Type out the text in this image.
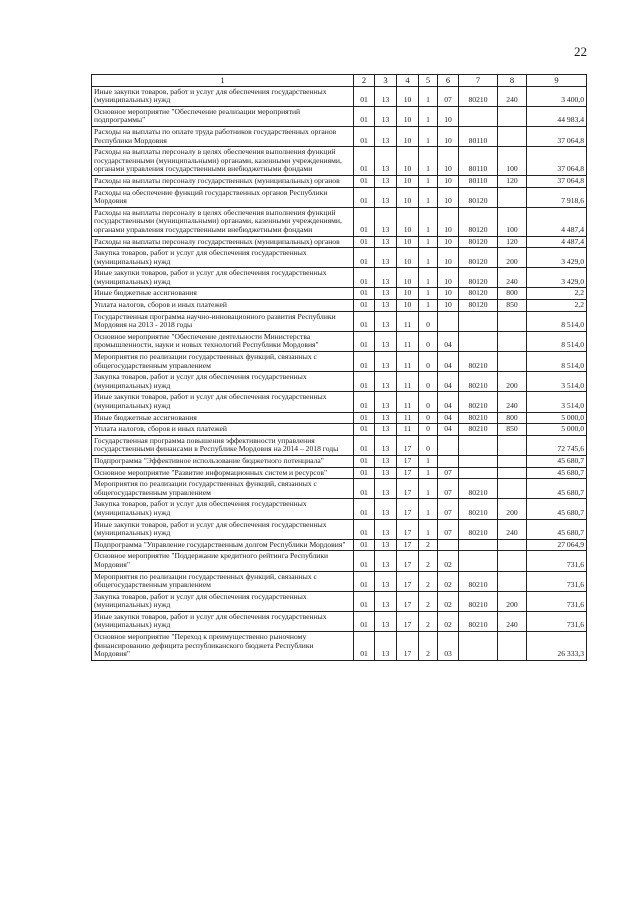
22
1	2	3	4	5	6	7	8	9
Иные закупки товаров, работ и услуг для обеспечения государственных (муниципальных) нужд	01	13	10	1	07	80210	240	3 400,0
Основное мероприятие "Обеспечение реализации мероприятий подпрограммы"	01	13	10	1	10			44 983,4
Расходы на выплаты по оплате труда работников государственных органов Республики Мордовия	01	13	10	1	10	80110		37 064,8
Расходы на выплаты персоналу в целях обеспечения выполнения функций государственными (муниципальными) органами, казенными учреждениями, органами управления государственными внебюджетными фондами	01	13	10	1	10	80110	100	37 064,8
Расходы на выплаты персоналу государственных (муниципальных) органов	01	13	10	1	10	80110	120	37 064,8
Расходы на обеспечение функций государственных органов Республики Мордовия	01	13	10	1	10	80120		7 918,6
Расходы на выплаты персоналу в целях обеспечения выполнения функций государственными (муниципальными) органами, казенными учреждениями, органами управления государственными внебюджетными фондами	01	13	10	1	10	80120	100	4 487,4
Расходы на выплаты персоналу государственных (муниципальных) органов	01	13	10	1	10	80120	120	4 487,4
Закупка товаров, работ и услуг для обеспечения государственных (муниципальных) нужд	01	13	10	1	10	80120	200	3 429,0
Иные закупки товаров, работ и услуг для обеспечения государственных (муниципальных) нужд	01	13	10	1	10	80120	240	3 429,0
Иные бюджетные ассигнования	01	13	10	1	10	80120	800	2,2
Уплата налогов, сборов и иных платежей	01	13	10	1	10	80120	850	2,2
Государственная программа научно-инновационного развития Республики Мордовия на 2013 - 2018 годы	01	13	11	0				8 514,0
Основное мероприятие "Обеспечение деятельности Министерства промышленности, науки и новых технологий Республики Мордовия"	01	13	11	0	04			8 514,0
Мероприятия по реализации государственных функций, связанных с общегосударственным управлением	01	13	11	0	04	80210		8 514,0
Закупка товаров, работ и услуг для обеспечения государственных (муниципальных) нужд	01	13	11	0	04	80210	200	3 514,0
Иные закупки товаров, работ и услуг для обеспечения государственных (муниципальных) нужд	01	13	11	0	04	80210	240	3 514,0
Иные бюджетные ассигнования	01	13	11	0	04	80210	800	5 000,0
Уплата налогов, сборов и иных платежей	01	13	11	0	04	80210	850	5 000,0
Государственная программа повышения эффективности управления государственными финансами в Республике Мордовия на 2014 – 2018 годы	01	13	17	0				72 745,6
Подпрограмма "Эффективное использование бюджетного потенциала"	01	13	17	1				45 680,7
Основное мероприятие "Развитие информационных систем и ресурсов"	01	13	17	1	07			45 680,7
Мероприятия по реализации государственных функций, связанных с общегосударственным управлением	01	13	17	1	07	80210		45 680,7
Закупка товаров, работ и услуг для обеспечения государственных (муниципальных) нужд	01	13	17	1	07	80210	200	45 680,7
Иные закупки товаров, работ и услуг для обеспечения государственных (муниципальных) нужд	01	13	17	1	07	80210	240	45 680,7
Подпрограмма "Управление государственным долгом Республики Мордовия"	01	13	17	2				27 064,9
Основное мероприятие "Поддержание кредитного рейтинга Республики Мордовия"	01	13	17	2	02			731,6
Мероприятия по реализации государственных функций, связанных с общегосударственным управлением	01	13	17	2	02	80210		731,6
Закупка товаров, работ и услуг для обеспечения государственных (муниципальных) нужд	01	13	17	2	02	80210	200	731,6
Иные закупки товаров, работ и услуг для обеспечения государственных (муниципальных) нужд	01	13	17	2	02	80210	240	731,6
Основное мероприятие "Переход к преимущественно рыночному финансированию дефицита республиканского бюджета Республики Мордовия"	01	13	17	2	03			26 333,3
